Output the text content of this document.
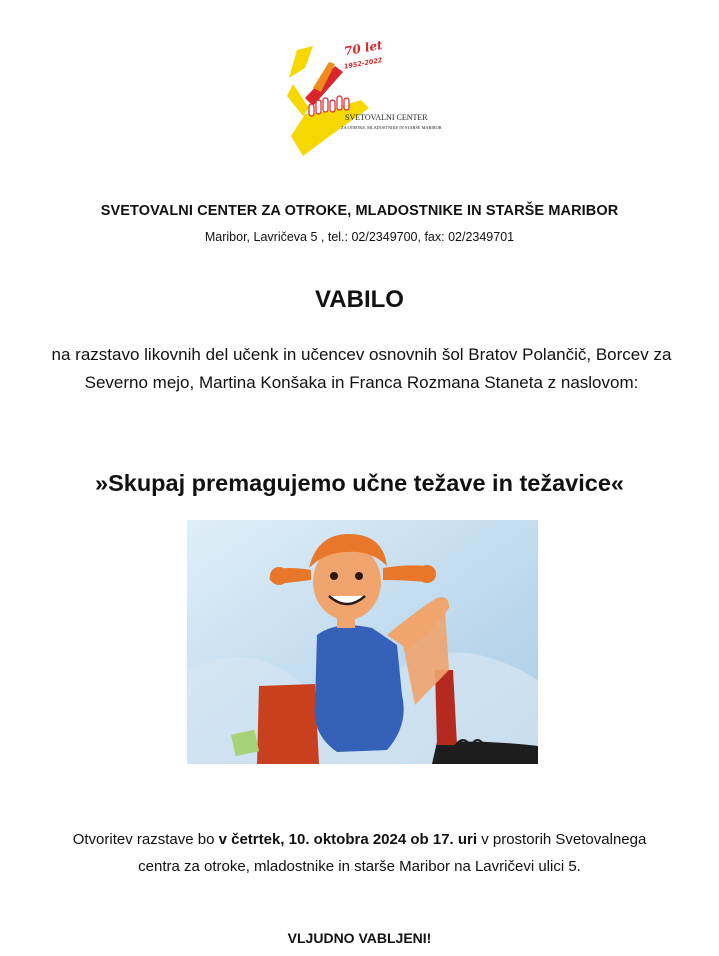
70 let
1952-2022
SVETOVALNI CENTER
ZA OTROKE, MLADOSTNIKE IN STARŠE MARIBOR
SVETOVALNI CENTER ZA OTROKE, MLADOSTNIKE IN STARŠE MARIBOR
Maribor, Lavričeva 5 , tel.: 02/2349700, fax: 02/2349701
VABILO
na razstavo likovnih del učenk in učencev osnovnih šol Bratov Polančič, Borcev za
Severno mejo, Martina Konšaka in Franca Rozmana Staneta z naslovom:
»Skupaj premagujemo učne težave in težavice«
Otvoritev razstave bo v četrtek, 10. oktobra 2024 ob 17. uri v prostorih Svetovalnega
centra za otroke, mladostnike in starše Maribor na Lavričevi ulici 5.
VLJUDNO VABLJENI!
